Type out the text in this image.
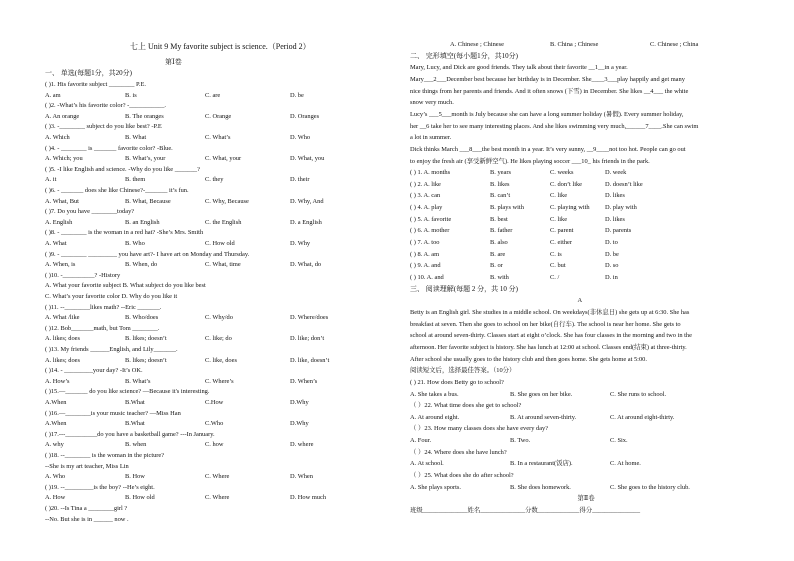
七上 Unit 9 My favorite subject is science.（Period 2）
第Ⅰ卷
一、 单选(每题1分，共20分)
( )1. His favorite subject ________ P.E.
A. am	B. is	C. are	D. be
( )2. -What’s his favorite color? -___________.
A. An orange	B. The oranges	C. Orange	D. Oranges
( )3. -________ subject do you like best? -P.E
A. Which	B. What	C. What’s	D. Who
( )4. - ________ is _______ favorite color? -Blue.
A. Which; you	B. What’s, your	C. What, your	D. What, you
( )5. -I like English and science. -Why do you like _______?
A. it	B. them	C. they	D. their
( )6. - _______ does she like Chinese?-_______ it’s fun.
A. What, But	B. What, Because	C. Why, Because	D. Why, And
( )7. Do you have ________today?
A. English	B. an English	C. the English	D. a English
( )8. - ________ is the woman in a red hat? -She’s Mrs. Smith
A. What	B. Who	C. How old	D. Why
( )9. - ________ _________ you have art?- I have art on Monday and Thursday.
A. When, is	B. When, do	C. What, time	D. What, do
( )10. -__________? -History
A. What your favorite subject B. What subject do you like best
C. What’s your favorite color D. Why do you like it
( )11. --________likes math? --Eric _______.
A. What /like	B. Who/does	C. Why/do	D. Where/does
( )12. Bob_______math, but Tom ________.
A. likes; does	B. likes; doesn’t	C. like; do	D. like; don’t
( )13. My friends ______English, and Lily_______.
A. likes; does	B. likes; doesn’t	C. like, does	D. like, doesn’t
( )14. - _________your day? -It’s OK.
A. How’s	B. What’s	C. Where’s	D. When’s
( )15.—_______ do you like science? —Because it's interesting.
A.When	B.What	C.How	D.Why
( )16.—________is your music teacher? —Miss Han
A.When	B.What	C.Who	D.Why
( )17.---__________do you have a basketball game? ---In January.
A. why	B. when	C. how	D. where
( )18. --________ is the woman in the picture?
--She is my art teacher, Miss Lin
A. Who	B. How	C. Where	D. When
( )19. --_________is the boy? --He’s eight.
A. How	B. How old	C. Where	D. How much
( )20. --Is Tina a ________girl ?
--No. But she is in ______ now .
A. Chinese ; Chinese	B. China ; Chinese	C. Chinese ; China
二、 完形填空(每小题1分，共10分)
Mary, Lucy, and Dick are good friends. They talk about their favorite __1__in a year.
Mary___2___December best because her birthday is in December. She____3___play happily and get many
nice things from her parents and friends. And it often snows (下雪) in December. She likes __4___ the white
snow very much.
Lucy’s ___5___month is July because she can have a long summer holiday (暑假). Every summer holiday,
her __6 take her to see many interesting places. And she likes swimming very much,______7____.She can swim
a lot in summer.
Dick thinks March ___8___the best month in a year. It’s very sunny, __9____not too hot. People can go out
to enjoy the fresh air (享受新鲜空气). He likes playing soccer ___10_ his friends in the park.
( ) 1. A. months	B. years	C. weeks	D. week
( ) 2. A. like	B. likes	C. don’t like	D. doesn’t like
( ) 3. A. can	B. can’t	C. like	D. likes
( ) 4. A. play	B. plays with	C. playing with D. play with
( ) 5. A. favorite	B. best	C. like	D. likes
( ) 6. A. mother	B. father	C. parent	D. parents
( ) 7. A. too	B. also	C. either	D. to
( ) 8. A. am	B. are	C. is	D. be
( ) 9. A. and	B. or	C. but	D. so
( ) 10. A. and	B. with	C. /	D. in
三、 阅读理解(每题 2 分，共 10 分)
A
Betty is an English girl. She studies in a middle school. On weekdays(非休息日) she gets up at 6:30. She has
breakfast at seven. Then she goes to school on her bike(自行车). The school is near her home. She gets to
school at around seven-thirty. Classes start at eight o’clock. She has four classes in the morning and two in the
afternoon. Her favorite subject is history. She has lunch at 12:00 at school. Classes end(结束) at three-thirty.
After school she usually goes to the history club and then goes home. She gets home at 5:00.
阅读短文后，选择最佳答案。（10分）
( ) 21. How does Betty go to school?
A. She takes a bus.	B. She goes on her bike.	C. She runs to school.
（ ）22. What time does she get to school?
A. At around eight.	B. At around seven-thirty.	C. At around eight-thirty.
（ ）23. How many classes does she have every day?
A. Four.	B. Two.	C. Six.
（ ）24. Where does she have lunch?
A. At school.	B. In a restaurant(饭店).	C. At home.
（ ）25. What does she do after school?
A. She plays sports.	B. She does homework.	C. She goes to the history club.
第Ⅱ卷
班级______________姓名______________分数_____________得分_______________
